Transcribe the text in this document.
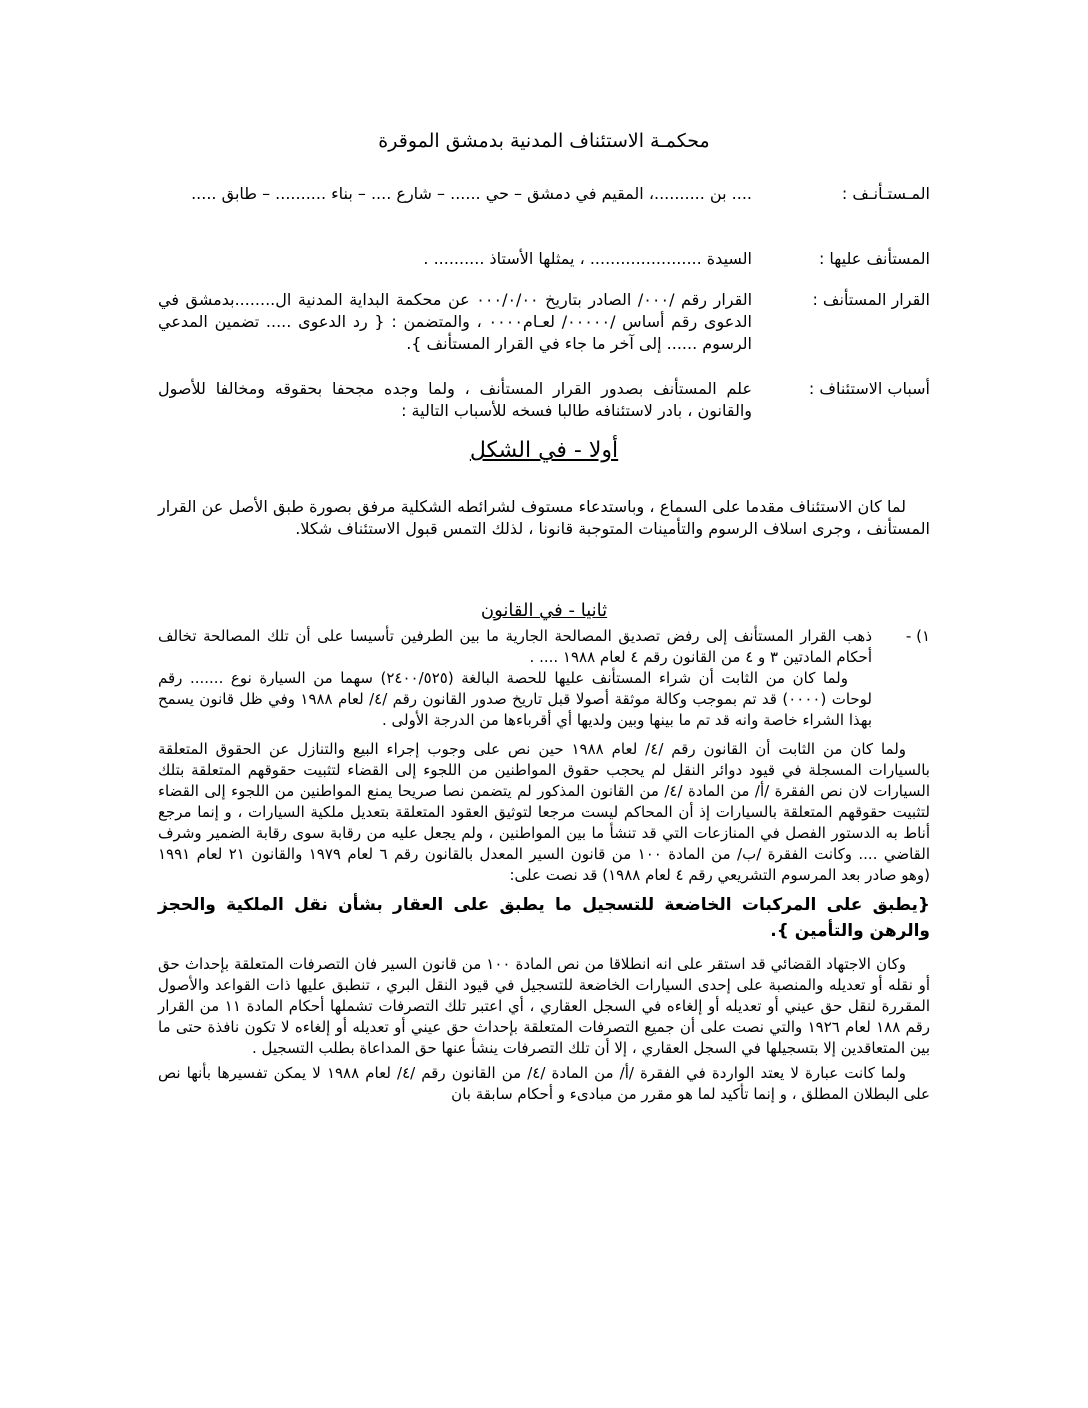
محكمـة الاستئناف المدنية بدمشق الموقرة
المـستـأنـف :
.... بن ..........، المقيم في دمشق – حي ...... – شارع .... – بناء .......... – طابق .....
المستأنف عليها :
السيدة ...................... ، يمثلها الأستاذ .......... .
القرار المستأنف :
القرار رقم /٠٠٠/ الصادر بتاريخ ٠٠٠/٠/٠٠ عن محكمة البداية المدنية ال........بدمشق في الدعوى رقم أساس /٠٠٠٠٠/ لعـام٠٠٠٠ ، والمتضمن : { رد الدعوى ..... تضمين المدعي الرسوم ...... إلى آخر ما جاء في القرار المستأنف }.
أسباب الاستئناف :
علم المستأنف بصدور القرار المستأنف ، ولما وجده مجحفا بحقوقه ومخالفا للأصول والقانون ، بادر لاستئنافه طالبا فسخه للأسباب التالية :
أولا - في الشكل

لما كان الاستئناف مقدما على السماع ، وباستدعاء مستوف لشرائطه الشكلية مرفق بصورة طبق الأصل عن القرار المستأنف ، وجرى اسلاف الرسوم والتأمينات المتوجبة قانونا ، لذلك التمس قبول الاستئناف شكلا.

ثانيا - في القانون
١) -

ذهب القرار المستأنف إلى رفض تصديق المصالحة الجارية ما بين الطرفين تأسيسا على أن تلك المصالحة تخالف أحكام المادتين ٣ و ٤ من القانون رقم ٤ لعام ١٩٨٨ .... .

ولما كان من الثابت أن شراء المستأنف عليها للحصة البالغة (٢٤٠٠/٥٢٥) سهما من السيارة نوع ....... رقم لوحات (٠٠٠٠) قد تم بموجب وكالة موثقة أصولا قبل تاريخ صدور القانون رقم /٤/ لعام ١٩٨٨ وفي ظل قانون يسمح بهذا الشراء خاصة وانه قد تم ما بينها وبين ولديها أي أقرباءها من الدرجة الأولى .

ولما كان من الثابت أن القانون رقم /٤/ لعام ١٩٨٨ حين نص على وجوب إجراء البيع والتنازل عن الحقوق المتعلقة بالسيارات المسجلة في قيود دوائر النقل لم يحجب حقوق المواطنين من اللجوء إلى القضاء لتثبيت حقوقهم المتعلقة بتلك السيارات لان نص الفقرة /أ/ من المادة /٤/ من القانون المذكور لم يتضمن نصا صريحا يمنع المواطنين من اللجوء إلى القضاء لتثبيت حقوقهم المتعلقة بالسيارات إذ أن المحاكم ليست مرجعا لتوثيق العقود المتعلقة بتعديل ملكية السيارات ، و إنما مرجع أناط به الدستور الفصل في المنازعات التي قد تنشأ ما بين المواطنين ، ولم يجعل عليه من رقابة سوى رقابة الضمير وشرف القاضي .... وكانت الفقرة /ب/ من المادة ١٠٠ من قانون السير المعدل بالقانون رقم ٦ لعام ١٩٧٩ والقانون ٢١ لعام ١٩٩١ (وهو صادر بعد المرسوم التشريعي رقم ٤ لعام ١٩٨٨) قد نصت على:

{يطبق على المركبات الخاضعة للتسجيل ما يطبق على العقار بشأن نقل الملكية والحجز والرهن والتأمين }.

وكان الاجتهاد القضائي قد استقر على انه انطلاقا من نص المادة ١٠٠ من قانون السير فان التصرفات المتعلقة بإحداث حق أو نقله أو تعديله والمنصبة على إحدى السيارات الخاضعة للتسجيل في قيود النقل البري ، تنطبق عليها ذات القواعد والأصول المقررة لنقل حق عيني أو تعديله أو إلغاءه في السجل العقاري ، أي اعتبر تلك التصرفات تشملها أحكام المادة ١١ من القرار رقم ١٨٨ لعام ١٩٢٦ والتي نصت على أن جميع التصرفات المتعلقة بإحداث حق عيني أو تعديله أو إلغاءه لا تكون نافذة حتى ما بين المتعاقدين إلا بتسجيلها في السجل العقاري ، إلا أن تلك التصرفات ينشأ عنها حق المداعاة بطلب التسجيل .

ولما كانت عبارة لا يعتد الواردة في الفقرة /أ/ من المادة /٤/ من القانون رقم /٤/ لعام ١٩٨٨ لا يمكن تفسيرها بأنها نص على البطلان المطلق ، و إنما تأكيد لما هو مقرر من مبادىء و أحكام سابقة بان
